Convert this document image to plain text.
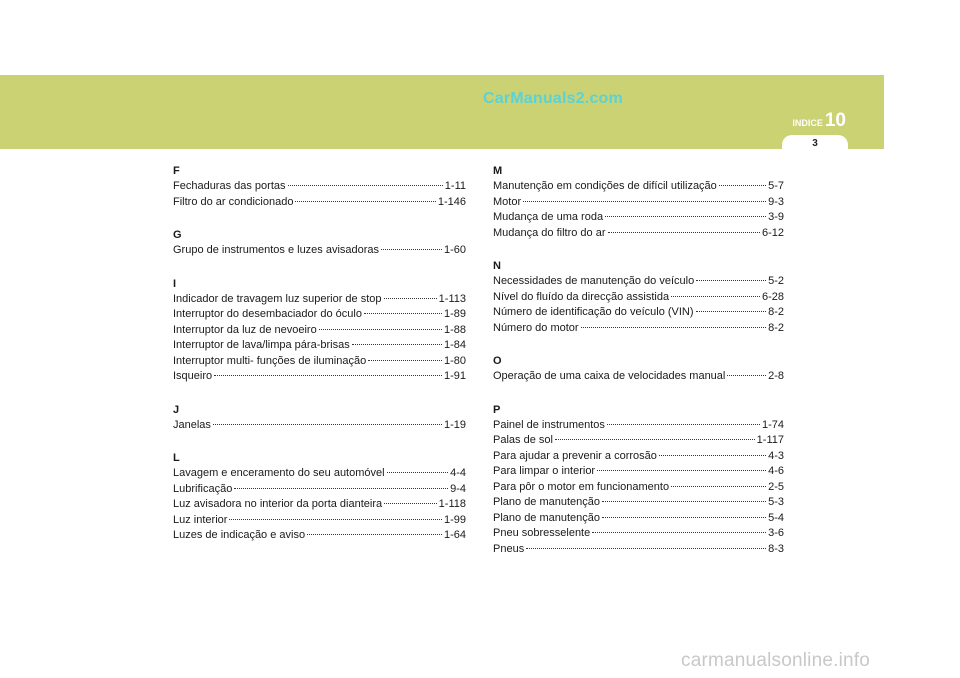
CarManuals2.com
INDICE 10
3
F
Fechaduras das portas	1-11
Filtro do ar condicionado	1-146
G
Grupo de instrumentos e luzes avisadoras	1-60
I
Indicador de travagem luz superior de stop	1-113
Interruptor do desembaciador do óculo	1-89
Interruptor da luz de nevoeiro	1-88
Interruptor de lava/limpa pára-brisas	1-84
Interruptor multi- funções de iluminação	1-80
Isqueiro	1-91
J
Janelas	1-19
L
Lavagem e enceramento do seu automóvel	4-4
Lubrificação	9-4
Luz avisadora no interior da porta dianteira	1-118
Luz interior	1-99
Luzes de indicação e aviso	1-64
M
Manutenção em condições de difícil utilização	5-7
Motor	9-3
Mudança de uma roda	3-9
Mudança do filtro do ar	6-12
N
Necessidades de manutenção do veículo	5-2
Nível do fluído da direcção assistida	6-28
Número de identificação do veículo (VIN)	8-2
Número do motor	8-2
O
Operação de uma caixa de velocidades manual	2-8
P
Painel de instrumentos	1-74
Palas de sol	1-117
Para ajudar a prevenir a corrosão	4-3
Para limpar o interior	4-6
Para pôr o motor em funcionamento	2-5
Plano de manutenção	5-3
Plano de manutenção	5-4
Pneu sobresselente	3-6
Pneus	8-3
carmanualsonline.info
